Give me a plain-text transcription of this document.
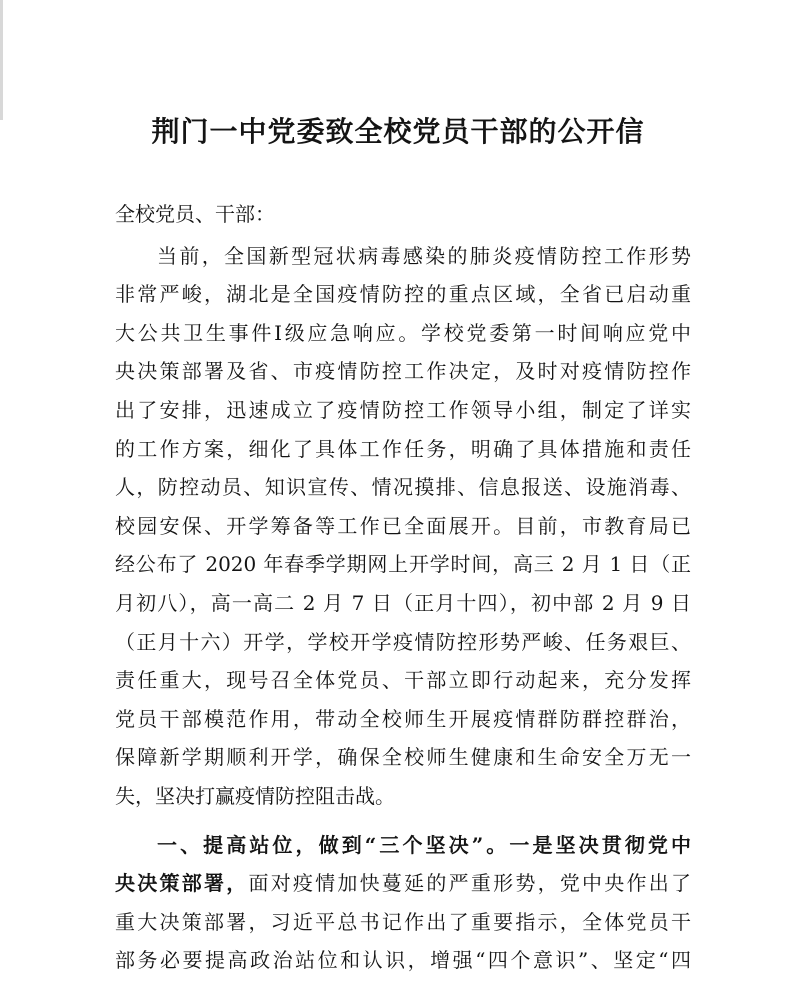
荆门一中党委致全校党员干部的公开信
全校党员、干部：
当前，全国新型冠状病毒感染的肺炎疫情防控工作形势
非常严峻，湖北是全国疫情防控的重点区域，全省已启动重
大公共卫生事件Ⅰ级应急响应。学校党委第一时间响应党中
央决策部署及省、市疫情防控工作决定，及时对疫情防控作
出了安排，迅速成立了疫情防控工作领导小组，制定了详实
的工作方案，细化了具体工作任务，明确了具体措施和责任
人，防控动员、知识宣传、情况摸排、信息报送、设施消毒、
校园安保、开学筹备等工作已全面展开。目前，市教育局已
经公布了 2020 年春季学期网上开学时间，高三 2 月 1 日（正
月初八），高一高二 2 月 7 日（正月十四），初中部 2 月 9 日
（正月十六）开学，学校开学疫情防控形势严峻、任务艰巨、
责任重大，现号召全体党员、干部立即行动起来，充分发挥
党员干部模范作用，带动全校师生开展疫情群防群控群治，
保障新学期顺利开学，确保全校师生健康和生命安全万无一
失，坚决打赢疫情防控阻击战。
一、提高站位，做到“三个坚决”。一是坚决贯彻党中
央决策部署，面对疫情加快蔓延的严重形势，党中央作出了
重大决策部署，习近平总书记作出了重要指示，全体党员干
部务必要提高政治站位和认识，增强“四个意识”、坚定“四
